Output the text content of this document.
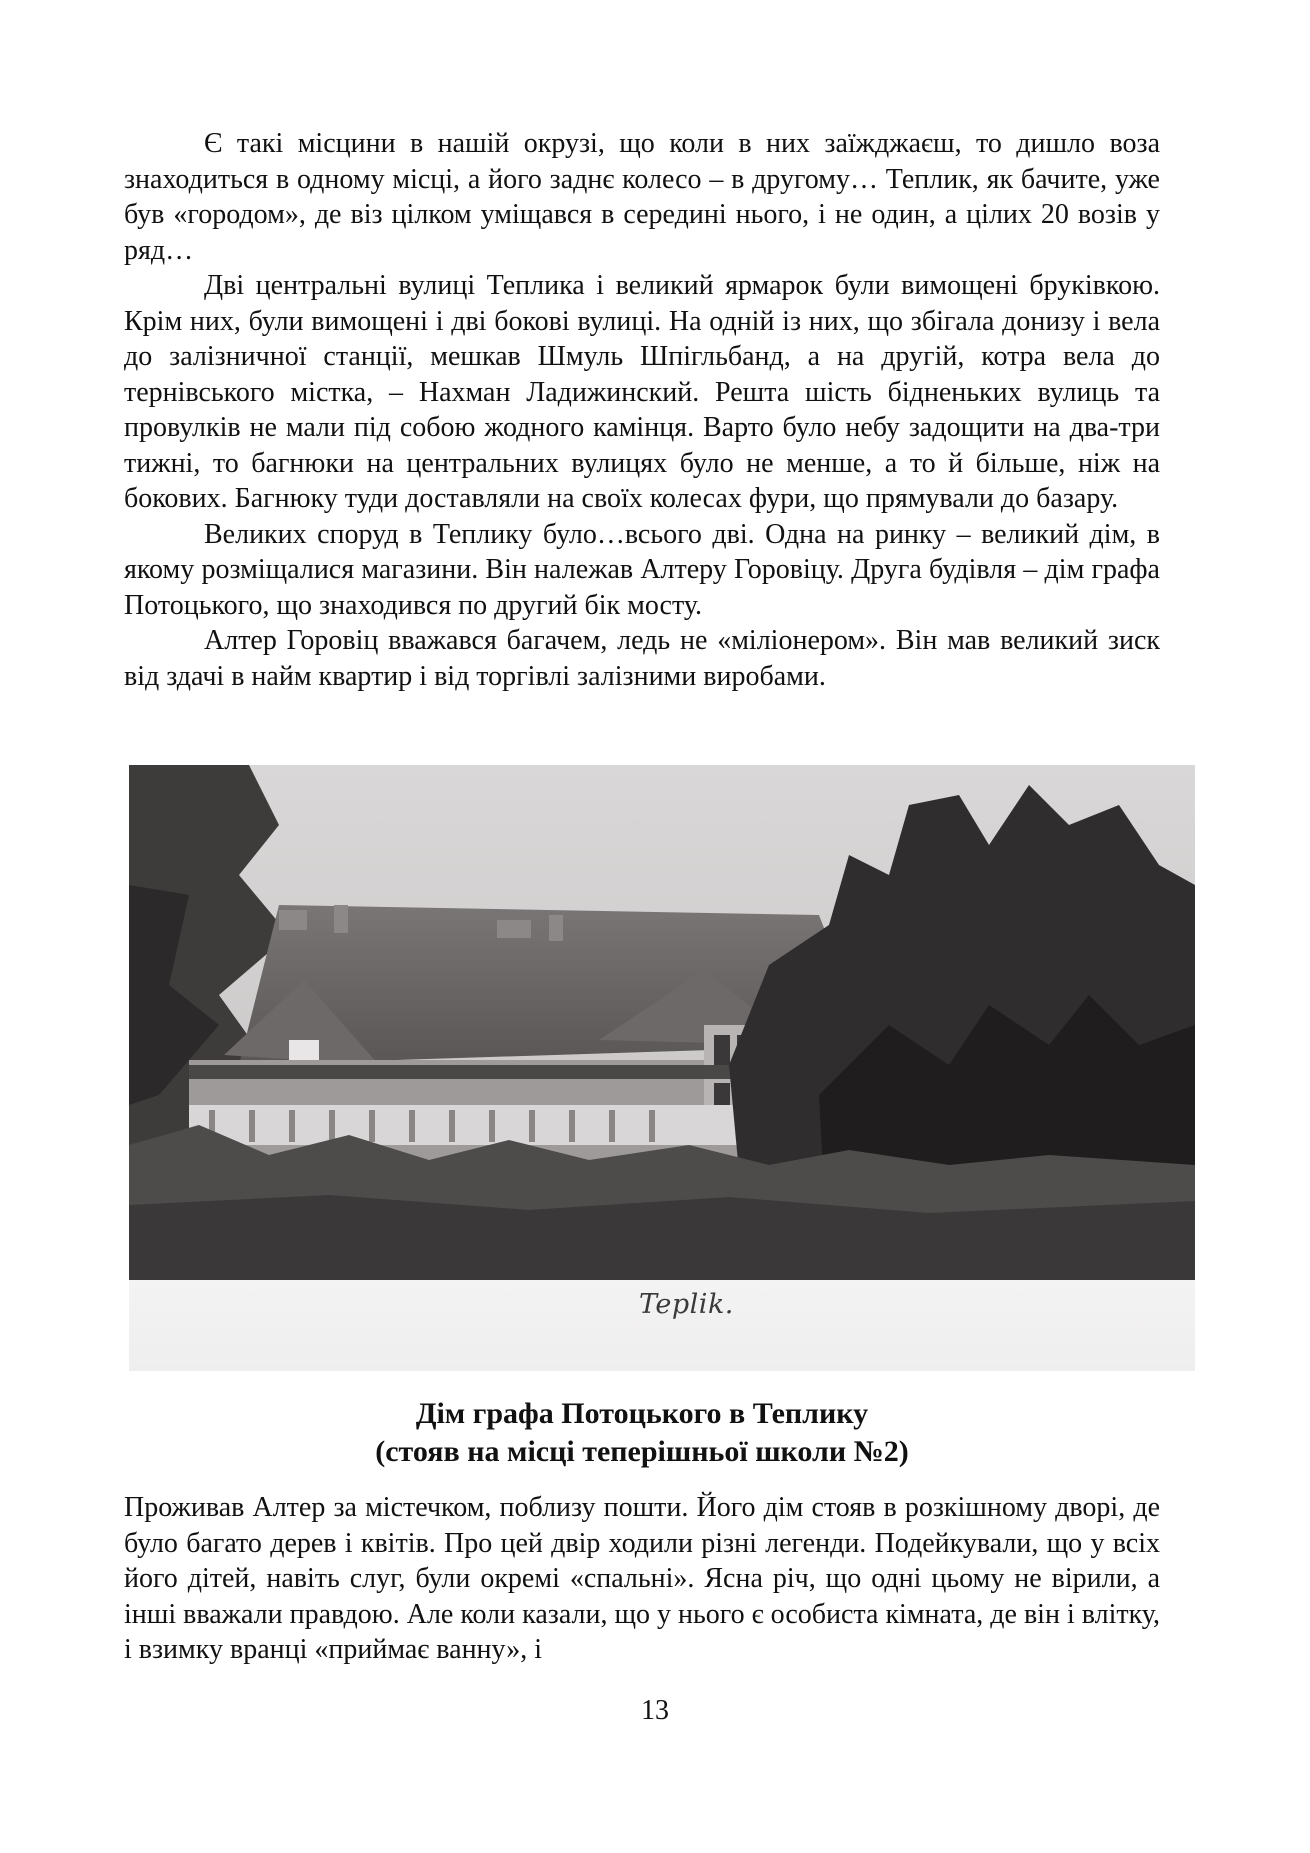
Є такі місцини в нашій окрузі, що коли в них заїжджаєш, то дишло воза знаходиться в одному місці, а його заднє колесо – в другому… Теплик, як бачите, уже був «городом», де віз цілком уміщався в середині нього, і не один, а цілих 20 возів у ряд…

Дві центральні вулиці Теплика і великий ярмарок були вимощені бруківкою. Крім них, були вимощені і дві бокові вулиці. На одній із них, що збігала донизу і вела до залізничної станції, мешкав Шмуль Шпігльбанд, а на другій, котра вела до тернівського містка, – Нахман Ладижинский. Решта шість бідненьких вулиць та провулків не мали під собою жодного камінця. Варто було небу задощити на два-три тижні, то багнюки на центральних вулицях було не менше, а то й більше, ніж на бокових. Багнюку туди доставляли на своїх колесах фури, що прямували до базару.

Великих споруд в Теплику було…всього дві. Одна на ринку – великий дім, в якому розміщалися магазини. Він належав Алтеру Горовіцу. Друга будівля – дім графа Потоцького, що знаходився по другий бік мосту.

Алтер Горовіц вважався багачем, ледь не «міліонером». Він мав великий зиск від здачі в найм квартир і від торгівлі залізними виробами.

Teplik.
Дім графа Потоцького в Теплику
(стояв на місці теперішньої школи №2)

Проживав Алтер за містечком, поблизу пошти. Його дім стояв в розкішному дворі, де було багато дерев і квітів. Про цей двір ходили різні легенди. Подейкували, що у всіх його дітей, навіть слуг, були окремі «спальні». Ясна річ, що одні цьому не вірили, а інші вважали правдою. Але коли казали, що у нього є особиста кімната, де він і влітку, і взимку вранці «приймає ванну», і

13
